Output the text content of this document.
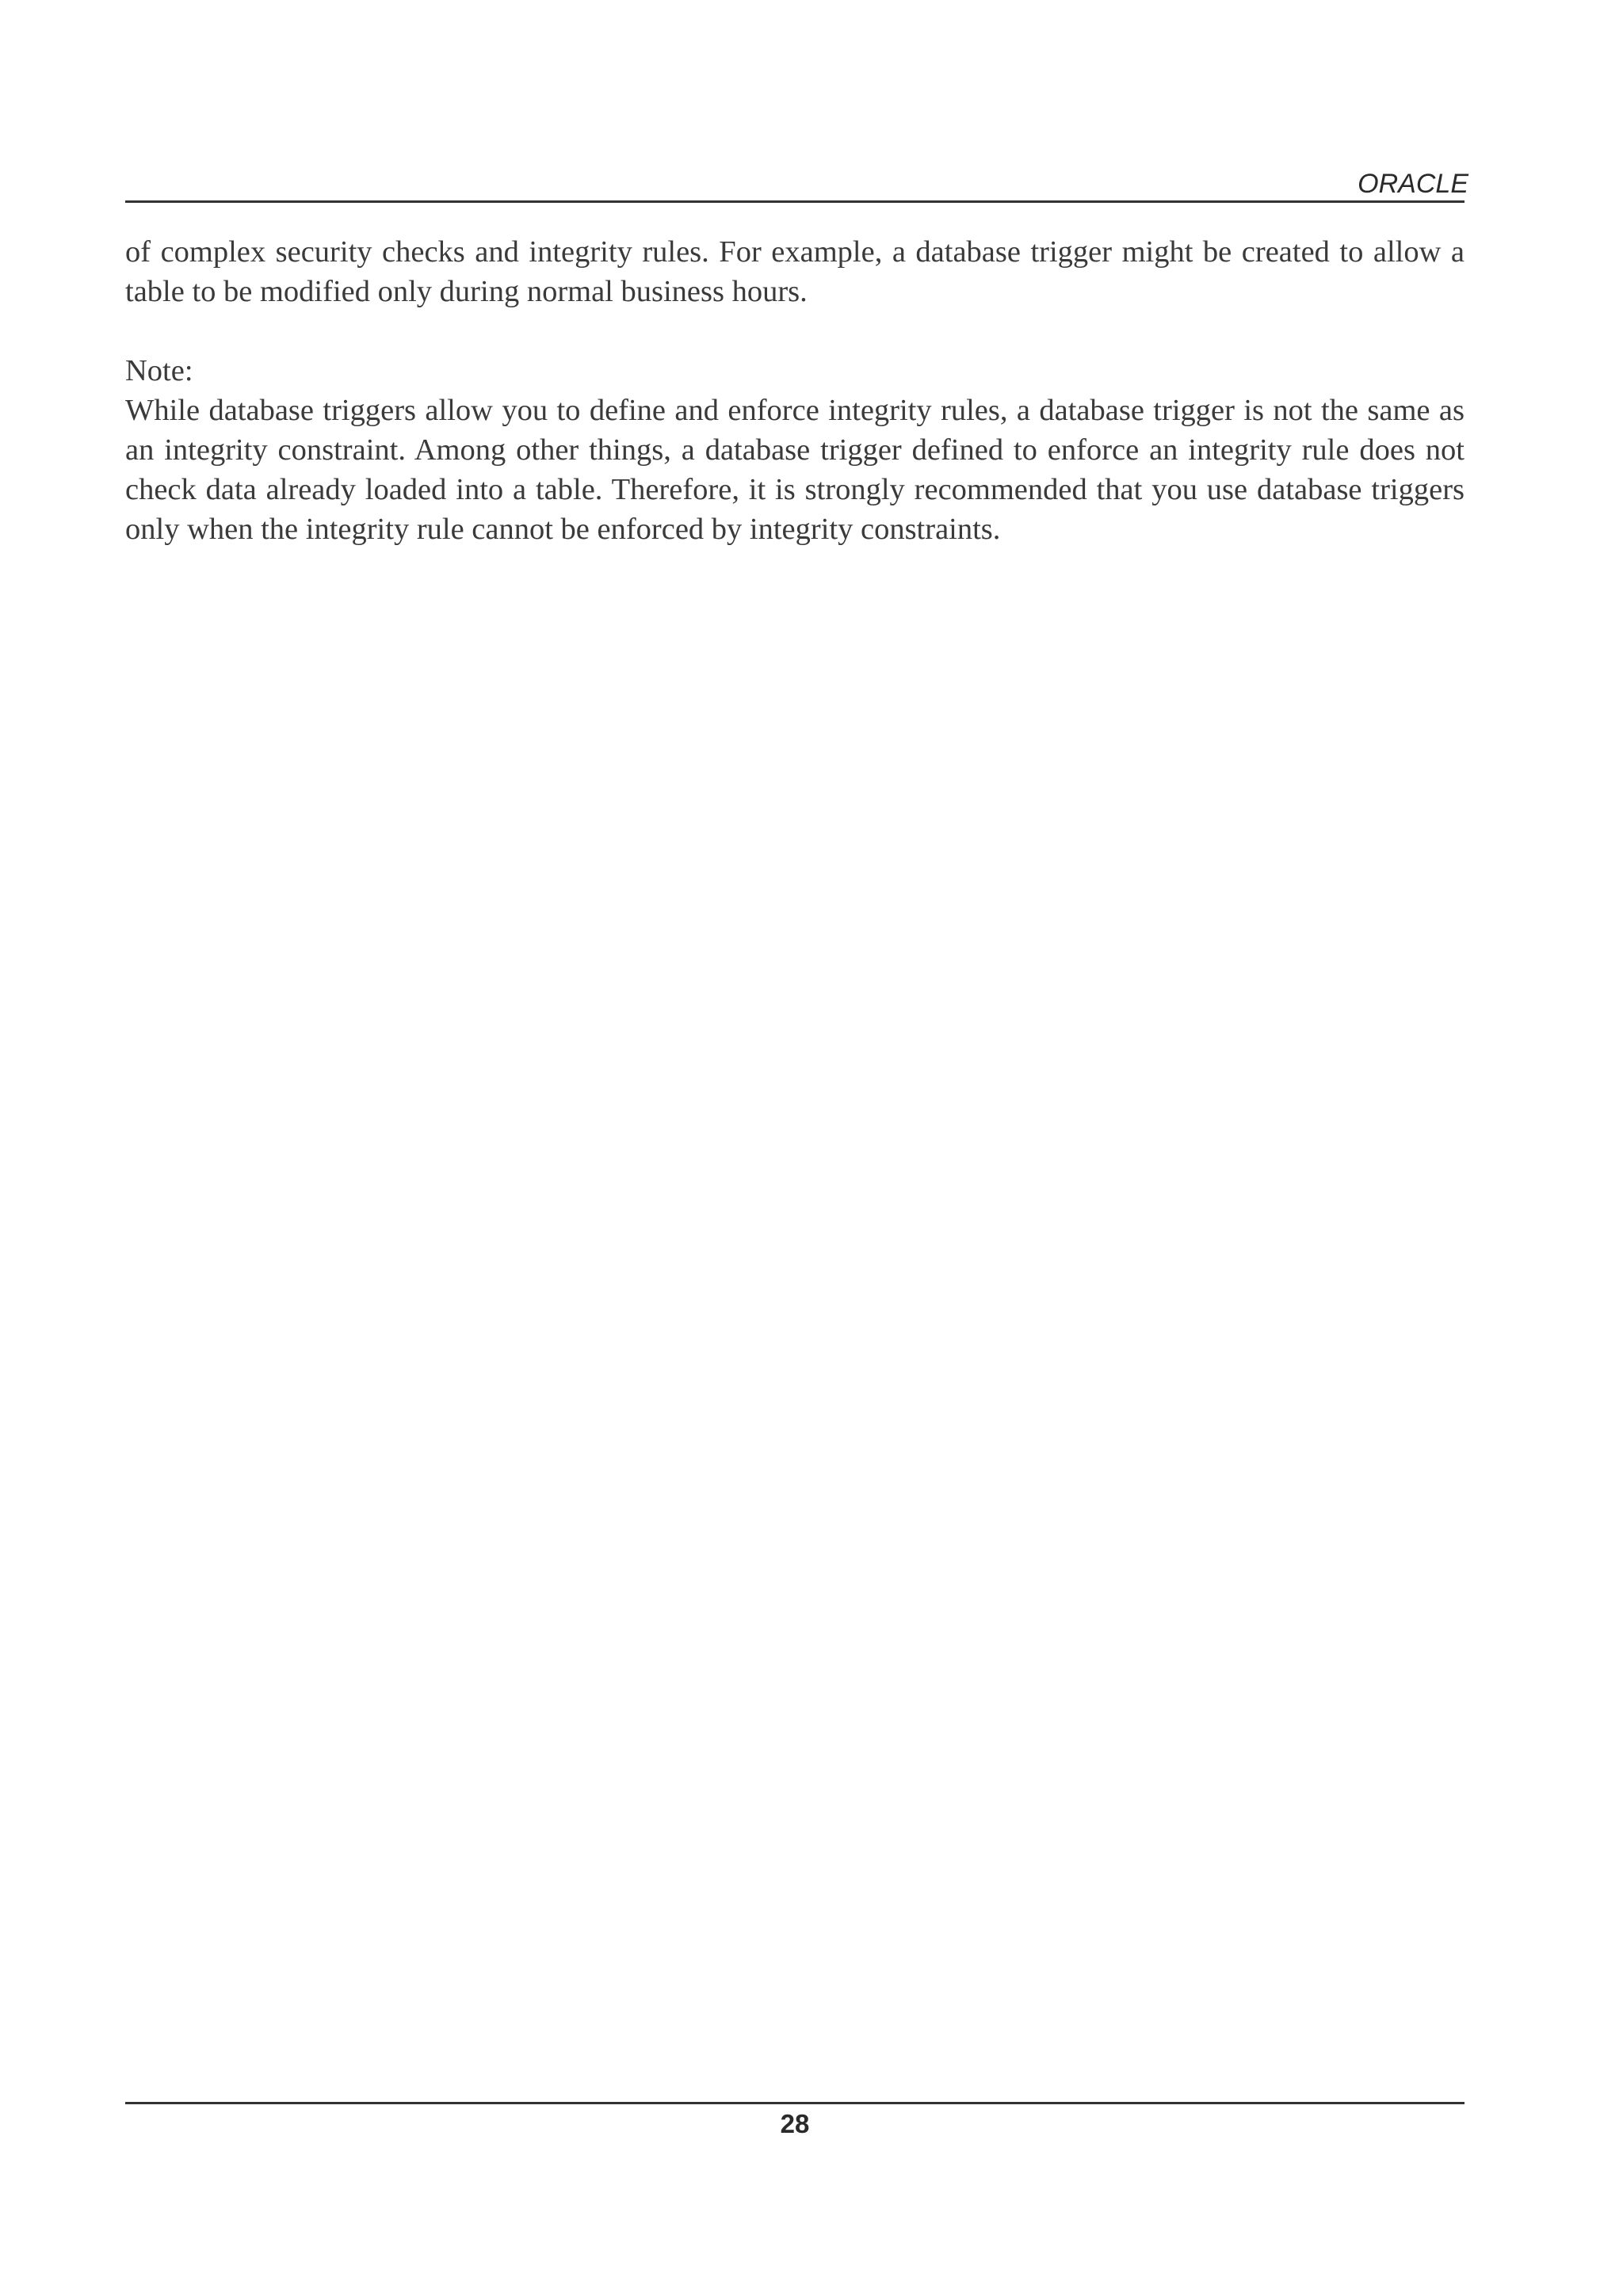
ORACLE

of complex security checks and integrity rules. For example, a database trigger might be created to allow a table to be modified only during normal business hours.

Note:

While database triggers allow you to define and enforce integrity rules, a database trigger is not the same as an integrity constraint. Among other things, a database trigger defined to enforce an integrity rule does not check data already loaded into a table. Therefore, it is strongly recommended that you use database triggers only when the integrity rule cannot be enforced by integrity constraints.

28
